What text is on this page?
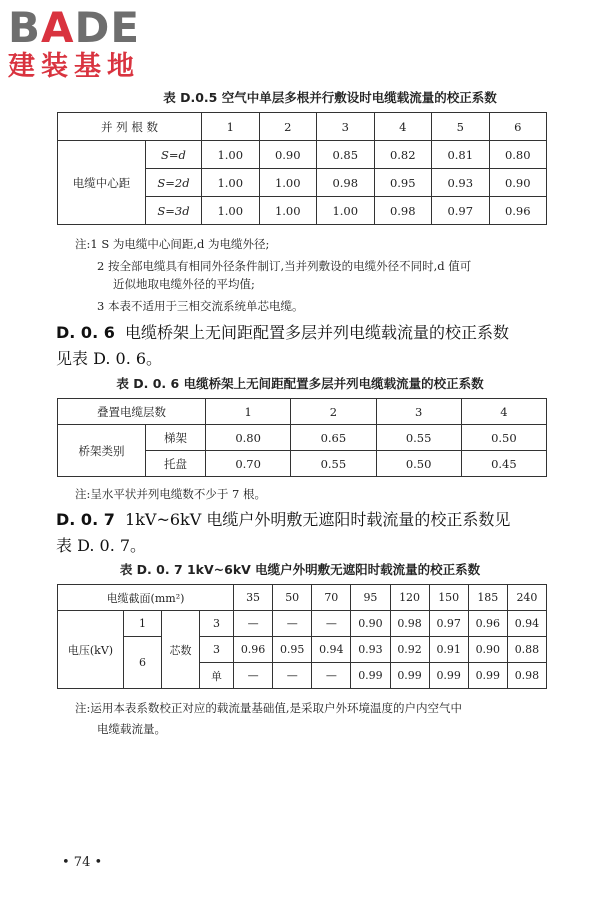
BADE
建装基地
表 D.0.5 空气中单层多根并行敷设时电缆载流量的校正系数
并 列 根 数		1	2	3	4	5	6
电缆中心距	S=d	1.00	0.90	0.85	0.82	0.81	0.80
	S=2d	1.00	1.00	0.98	0.95	0.93	0.90
	S=3d	1.00	1.00	1.00	0.98	0.97	0.96
注:1 S 为电缆中心间距,d 为电缆外径;
2 按全部电缆具有相同外径条件制订,当并列敷设的电缆外径不同时,d 值可
近似地取电缆外径的平均值;
3 本表不适用于三相交流系统单芯电缆。
D. 0. 6 电缆桥架上无间距配置多层并列电缆载流量的校正系数
见表 D. 0. 6。
表 D. 0. 6 电缆桥架上无间距配置多层并列电缆载流量的校正系数
叠置电缆层数		1	2	3	4
桥架类别	梯架	0.80	0.65	0.55	0.50
	托盘	0.70	0.55	0.50	0.45
注:呈水平状并列电缆数不少于 7 根。
D. 0. 7 1kV~6kV 电缆户外明敷无遮阳时载流量的校正系数见
表 D. 0. 7。
表 D. 0. 7 1kV~6kV 电缆户外明敷无遮阳时载流量的校正系数
电缆截面(mm²)				35	50	70	95	120	150	185	240
电压(kV)	1	芯数	3	—	—	—	0.90	0.98	0.97	0.96	0.94
	6		3	0.96	0.95	0.94	0.93	0.92	0.91	0.90	0.88
			单	—	—	—	0.99	0.99	0.99	0.99	0.98
注:运用本表系数校正对应的载流量基础值,是采取户外环境温度的户内空气中
电缆载流量。
• 74 •
